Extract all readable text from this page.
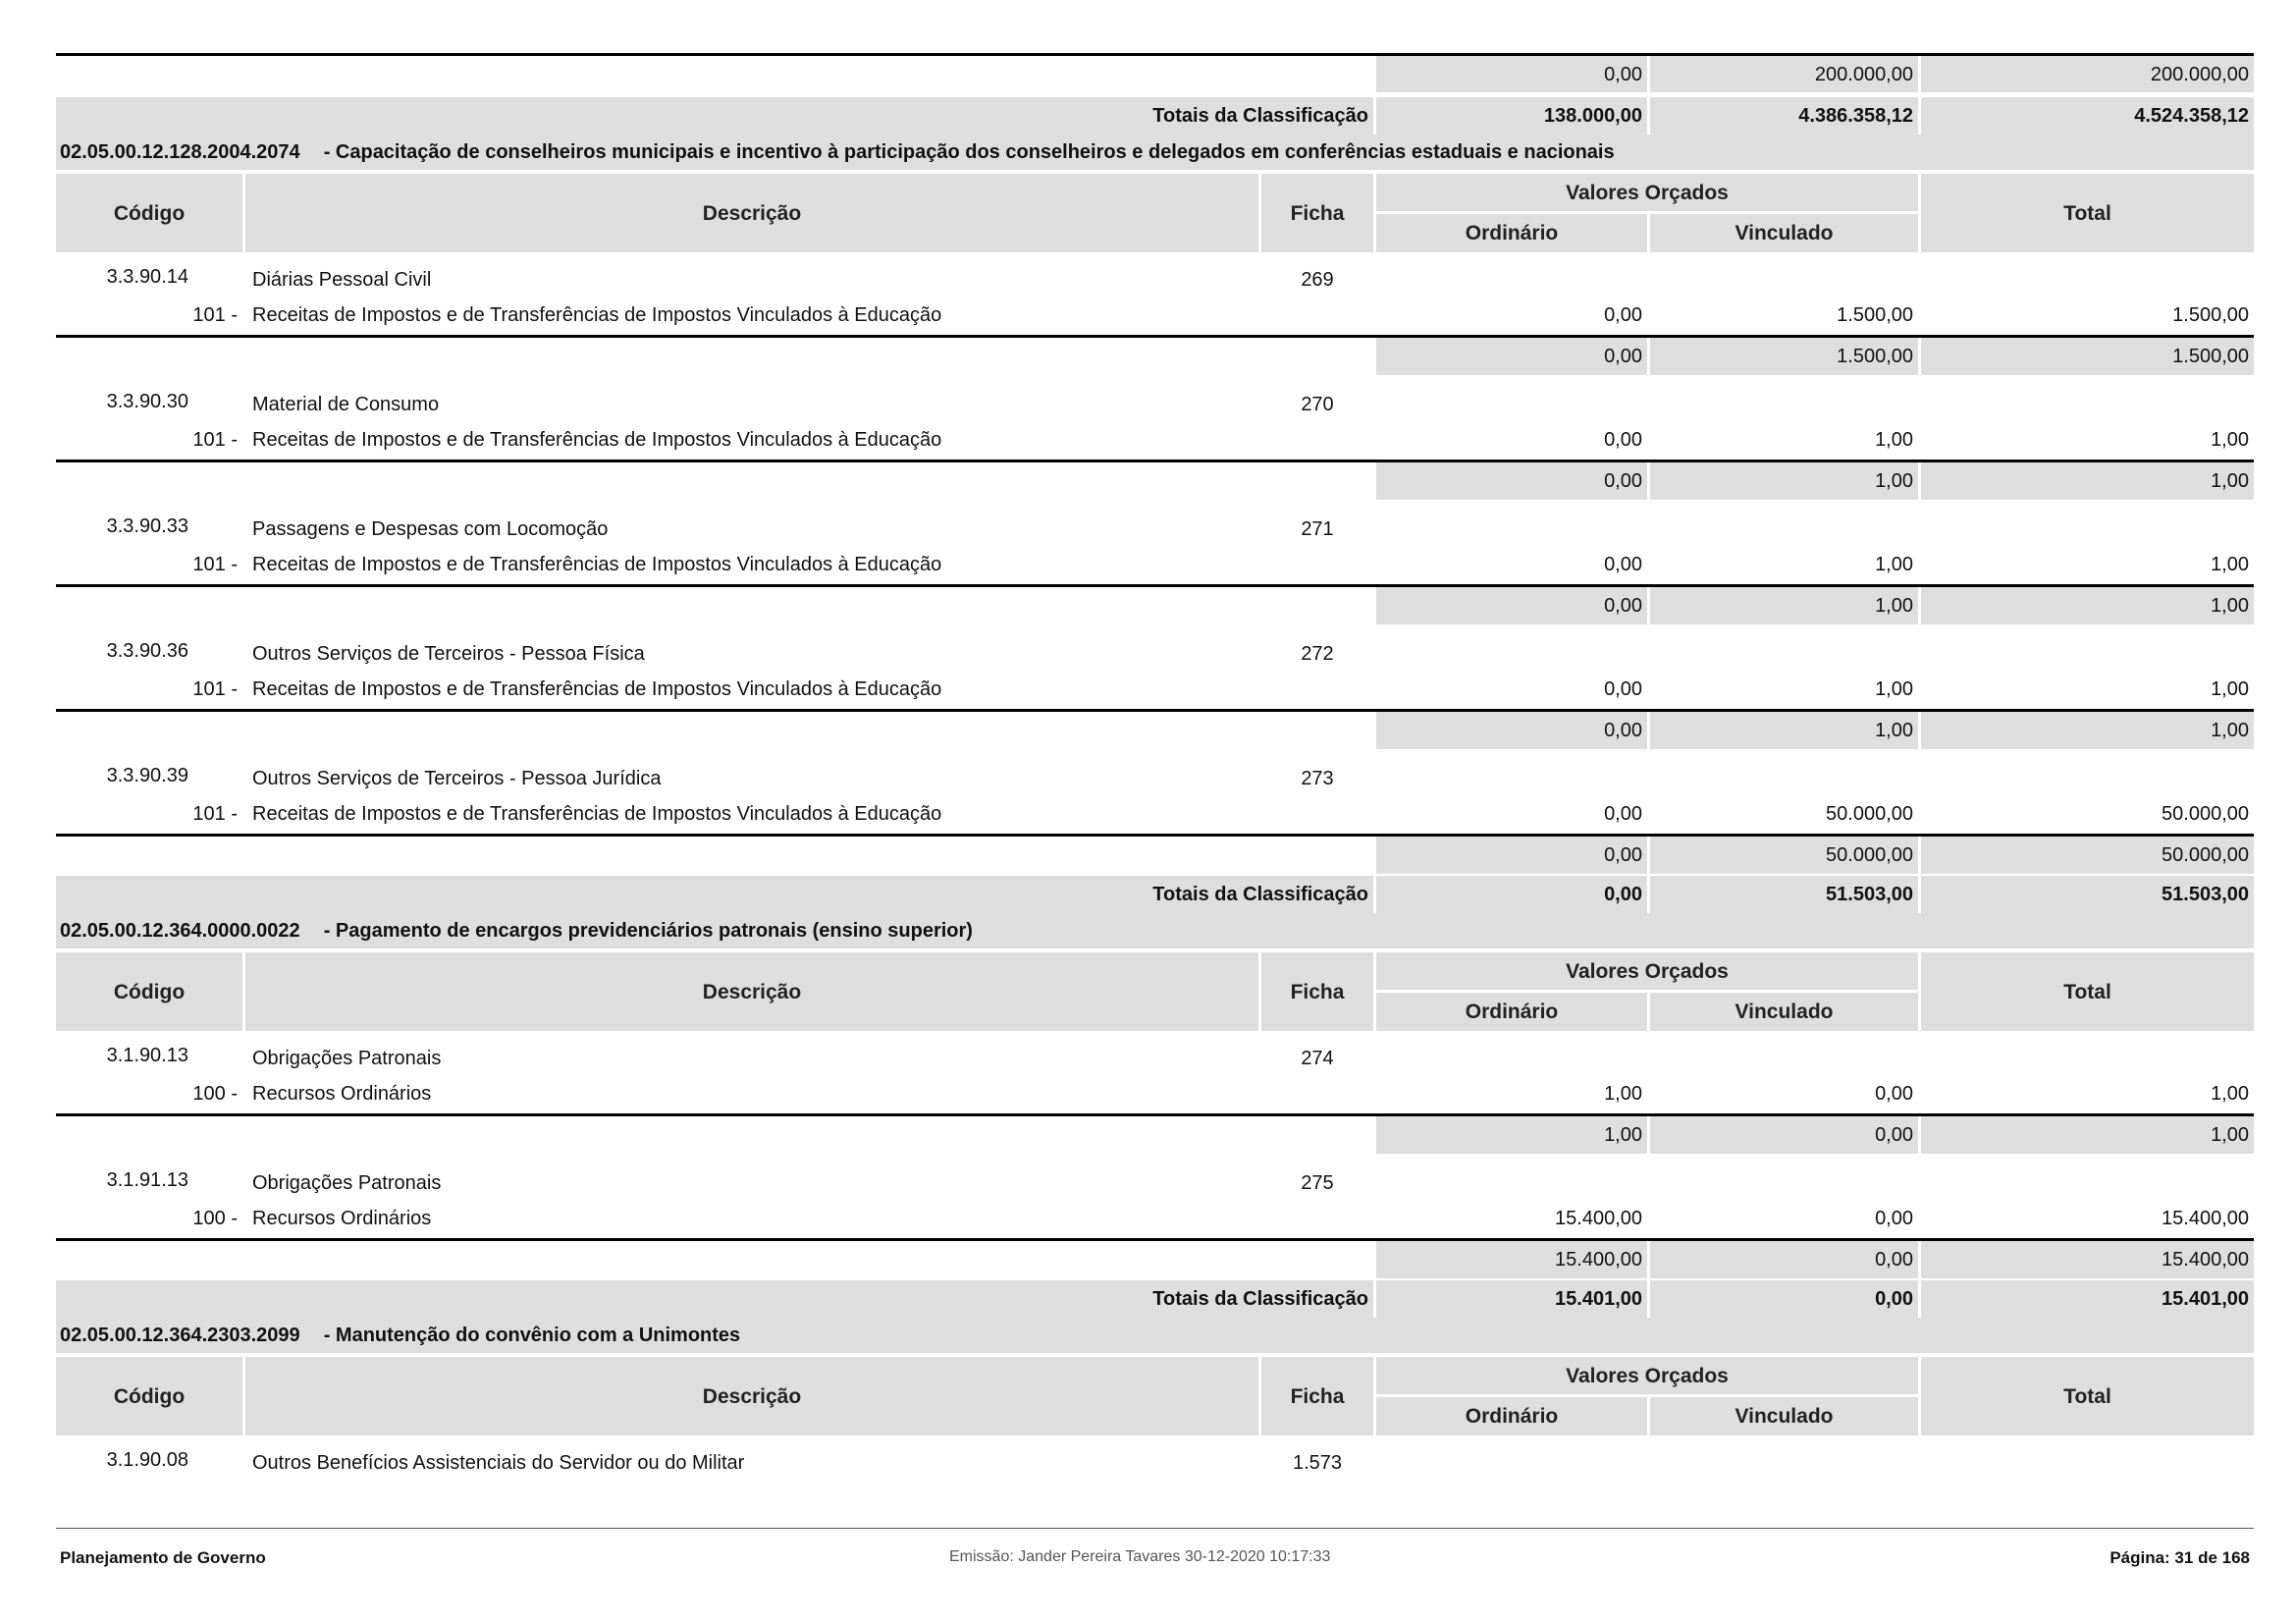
0,00	200.000,00	200.000,00
Totais da Classificação	138.000,00	4.386.358,12	4.524.358,12
02.05.00.12.128.2004.2074 - Capacitação de conselheiros municipais e incentivo à participação dos conselheiros e delegados em conferências estaduais e nacionais
Código	Descrição	Ficha
Valores Orçados
Ordinário	Vinculado
Total
3.3.90.14	Diárias Pessoal Civil	269
101 - Receitas de Impostos e de Transferências de Impostos Vinculados à Educação	0,00	1.500,00	1.500,00
0,00	1.500,00	1.500,00
3.3.90.30	Material de Consumo	270
101 - Receitas de Impostos e de Transferências de Impostos Vinculados à Educação	0,00	1,00	1,00
0,00	1,00	1,00
3.3.90.33	Passagens e Despesas com Locomoção	271
101 - Receitas de Impostos e de Transferências de Impostos Vinculados à Educação	0,00	1,00	1,00
0,00	1,00	1,00
3.3.90.36	Outros Serviços de Terceiros - Pessoa Física	272
101 - Receitas de Impostos e de Transferências de Impostos Vinculados à Educação	0,00	1,00	1,00
0,00	1,00	1,00
3.3.90.39	Outros Serviços de Terceiros - Pessoa Jurídica	273
101 - Receitas de Impostos e de Transferências de Impostos Vinculados à Educação	0,00	50.000,00	50.000,00
0,00	50.000,00	50.000,00
Totais da Classificação	0,00	51.503,00	51.503,00
02.05.00.12.364.0000.0022 - Pagamento de encargos previdenciários patronais (ensino superior)
Código	Descrição	Ficha
Valores Orçados
Ordinário	Vinculado
Total
3.1.90.13	Obrigações Patronais	274
100 - Recursos Ordinários	1,00	0,00	1,00
1,00	0,00	1,00
3.1.91.13	Obrigações Patronais	275
100 - Recursos Ordinários	15.400,00	0,00	15.400,00
15.400,00	0,00	15.400,00
Totais da Classificação	15.401,00	0,00	15.401,00
02.05.00.12.364.2303.2099 - Manutenção do convênio com a Unimontes
Código	Descrição	Ficha
Valores Orçados
Ordinário	Vinculado
Total
3.1.90.08	Outros Benefícios Assistenciais do Servidor ou do Militar	1.573
Planejamento de Governo	Emissão: Jander Pereira Tavares 30-12-2020 10:17:33	Página: 31 de 168
